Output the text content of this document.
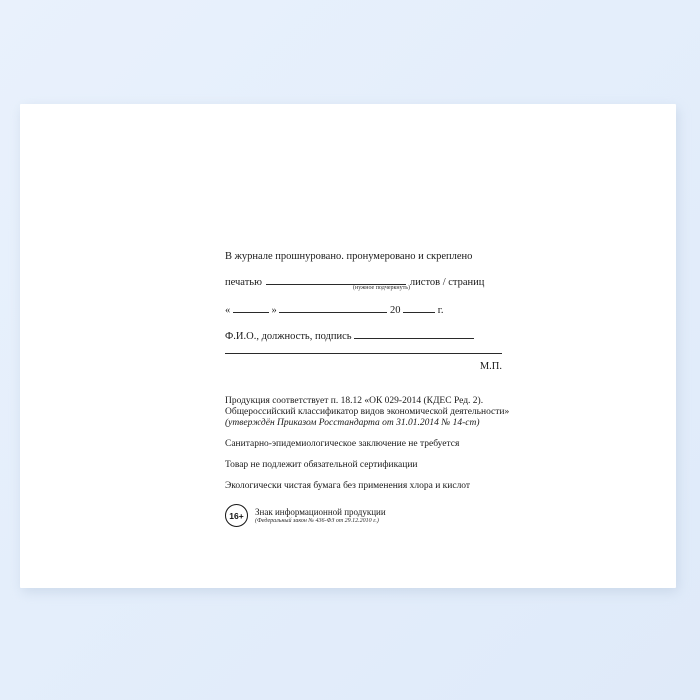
В журнале прошнуровано. пронумеровано и скреплено
печатью	листов / страниц
(нужное подчеркнуть)
«	»	20	г.
Ф.И.О., должность, подпись
М.П.

Продукция соответствует п. 18.12 «ОК 029-2014 (КДЕС Ред. 2).

Общероссийский классификатор видов экономической деятельности»

(утверждён Приказом Росстандарта от 31.01.2014 № 14-ст)

Санитарно-эпидемиологическое заключение не требуется

Товар не подлежит обязательной сертификации

Экологически чистая бумага без применения хлора и кислот

16+	Знак информационной продукции
(Федеральный закон № 436-ФЗ от 29.12.2010 г.)
